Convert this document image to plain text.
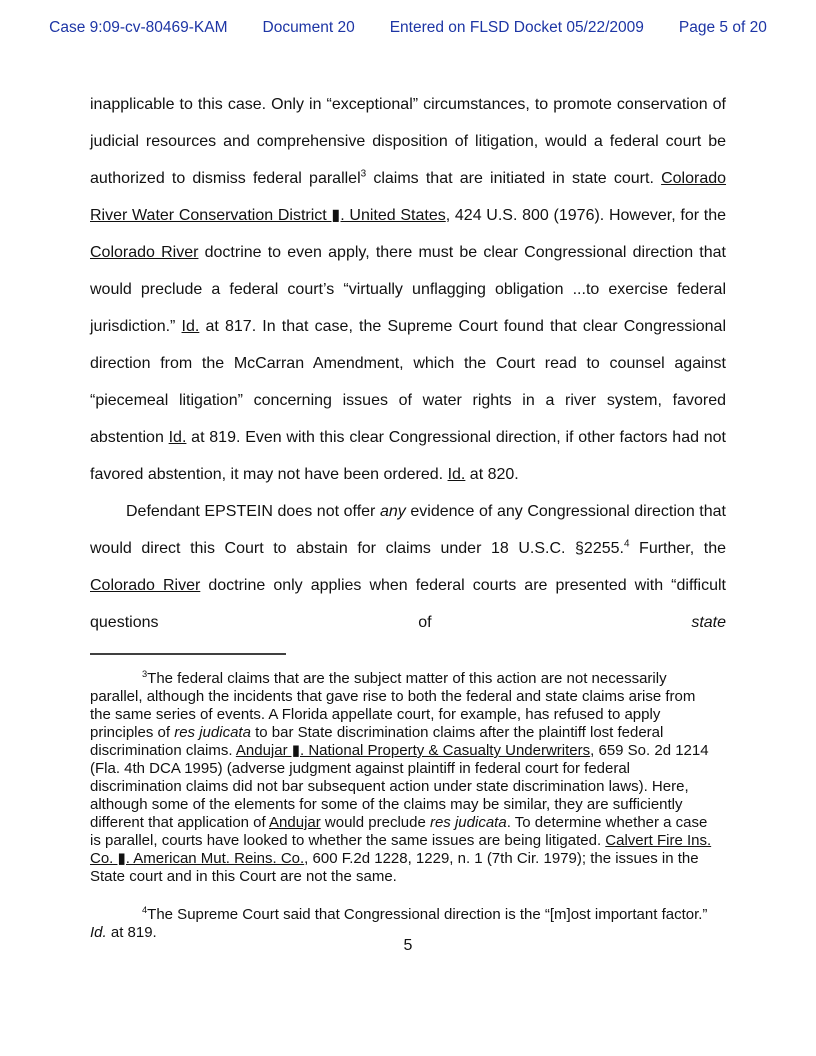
Case 9:09-cv-80469-KAM Document 20 Entered on FLSD Docket 05/22/2009 Page 5 of 20

inapplicable to this case. Only in “exceptional” circumstances, to promote conservation of judicial resources and comprehensive disposition of litigation, would a federal court be authorized to dismiss federal parallel$^3$ claims that are initiated in state court. Colorado River Water Conservation District ▮. United States, 424 U.S. 800 (1976). However, for the Colorado River doctrine to even apply, there must be clear Congressional direction that would preclude a federal court’s “virtually unflagging obligation ...to exercise federal jurisdiction.” Id. at 817. In that case, the Supreme Court found that clear Congressional direction from the McCarran Amendment, which the Court read to counsel against “piecemeal litigation” concerning issues of water rights in a river system, favored abstention Id. at 819. Even with this clear Congressional direction, if other factors had not favored abstention, it may not have been ordered. Id. at 820.

Defendant EPSTEIN does not offer any evidence of any Congressional direction that would direct this Court to abstain for claims under 18 U.S.C. §2255.$^4$ Further, the Colorado River doctrine only applies when federal courts are presented with “difficult questions of state

$^3$The federal claims that are the subject matter of this action are not necessarily parallel, although the incidents that gave rise to both the federal and state claims arise from the same series of events. A Florida appellate court, for example, has refused to apply principles of res judicata to bar State discrimination claims after the plaintiff lost federal discrimination claims. Andujar ▮. National Property & Casualty Underwriters, 659 So. 2d 1214 (Fla. 4th DCA 1995) (adverse judgment against plaintiff in federal court for federal discrimination claims did not bar subsequent action under state discrimination laws). Here, although some of the elements for some of the claims may be similar, they are sufficiently different that application of Andujar would preclude res judicata. To determine whether a case is parallel, courts have looked to whether the same issues are being litigated. Calvert Fire Ins. Co. ▮. American Mut. Reins. Co., 600 F.2d 1228, 1229, n. 1 (7th Cir. 1979); the issues in the State court and in this Court are not the same.

$^4$The Supreme Court said that Congressional direction is the “[m]ost important factor.” Id. at 819.

5
